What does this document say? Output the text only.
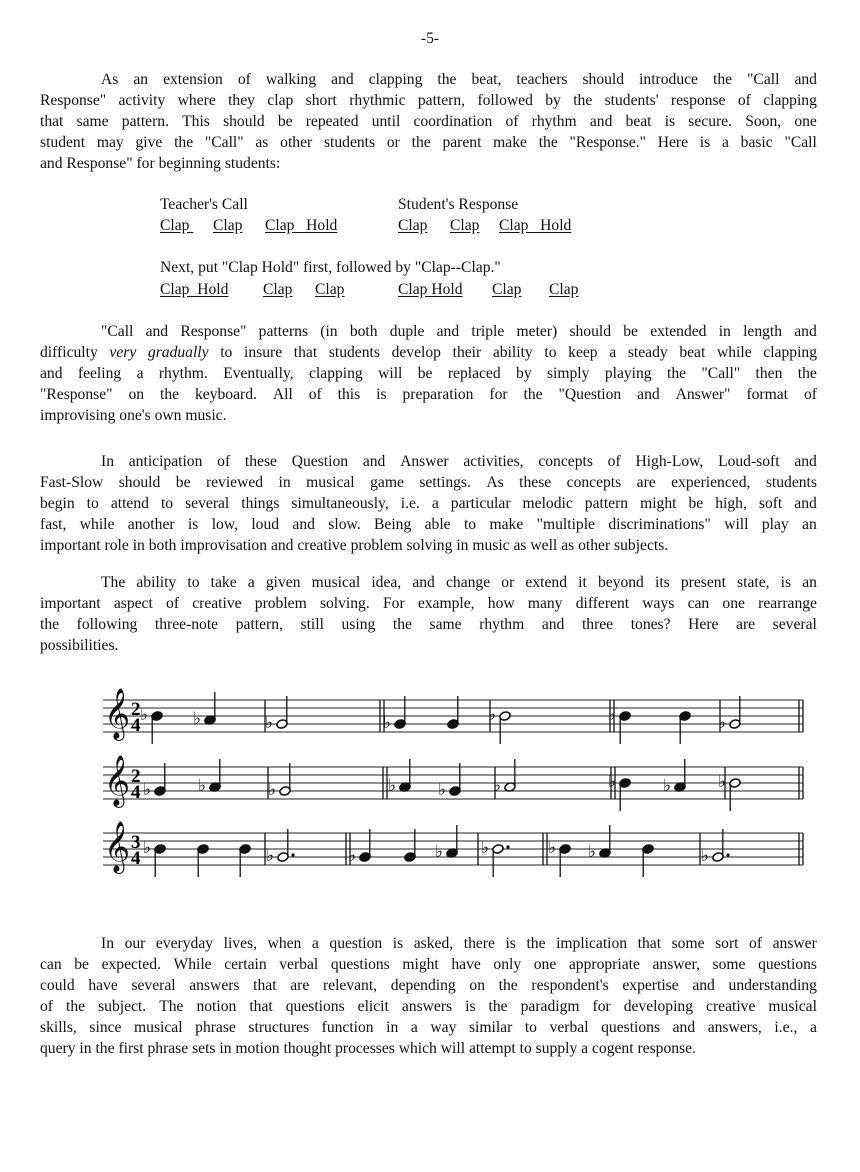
-5-
As an extension of walking and clapping the beat, teachers should introduce the "Call and
Response" activity where they clap short rhythmic pattern, followed by the students' response of clapping
that same pattern. This should be repeated until coordination of rhythm and beat is secure. Soon, one
student may give the "Call" as other students or the parent make the "Response." Here is a basic "Call
and
Response"
for
beginning
students:
"Call and Response" patterns (in both duple and triple meter) should be extended in length and
difficulty very gradually to insure that students develop their ability to keep a steady beat while clapping
and feeling a rhythm. Eventually, clapping will be replaced by simply playing the "Call" then the
"Response" on the keyboard. All of this is preparation for the "Question and Answer" format of
improvising
one's
own
music.
In anticipation of these Question and Answer activities, concepts of High-Low, Loud-soft and
Fast-Slow should be reviewed in musical game settings. As these concepts are experienced, students
begin to attend to several things simultaneously, i.e. a particular melodic pattern might be high, soft and
fast, while another is low, loud and slow. Being able to make "multiple discriminations" will play an
important
role
in
both
improvisation
and
creative
problem
solving
in
music
as
well
as
other
subjects.
The ability to take a given musical idea, and change or extend it beyond its present state, is an
important aspect of creative problem solving. For example, how many different ways can one rearrange
the following three-note pattern, still using the same rhythm and three tones? Here are several
possibilities.
In our everyday lives, when a question is asked, there is the implication that some sort of answer
can be expected. While certain verbal questions might have only one appropriate answer, some questions
could have several answers that are relevant, depending on the respondent's expertise and understanding
of the subject. The notion that questions elicit answers is the paradigm for developing creative musical
skills, since musical phrase structures function in a way similar to verbal questions and answers, i.e., a
query
in
the
first
phrase
sets
in
motion
thought
processes
which
will
attempt
to
supply
a
cogent
response.
Teacher's Call	Student's Response
Clap Clap Clap   Hold	Clap Clap Clap   Hold
Next, put "Clap Hold" first, followed by "Clap--Clap."
Clap  Hold Clap Clap	Clap Hold Clap Clap
𝄞 2
4 ♭	♭	♭	♭	♭	♭	♭
𝄞 2
4 ♭	♭	♭	♭ ♭	♭	♭	♭	♭
𝄞 3
4 ♭	♭	♭	♭ ♭	♭ ♭	♭
